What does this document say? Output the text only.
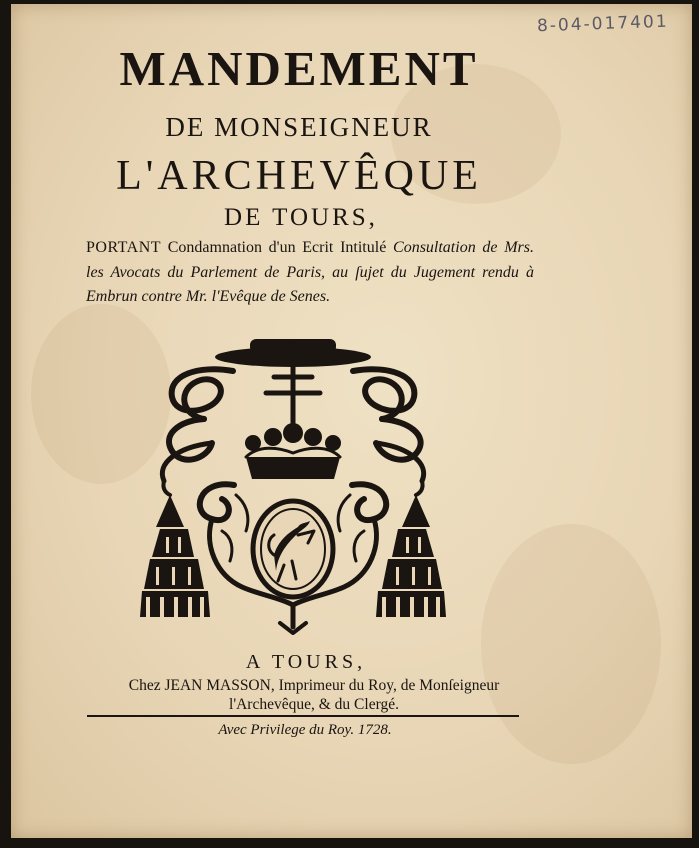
8-04-017401
MANDEMENT
DE MONSEIGNEUR
L'ARCHEVÊQUE
DE TOURS,

PORTANT Condamnation d'un Ecrit Intitulé Consultation de Mrs. les Avocats du Parlement de Paris, au ſujet du Jugement rendu à Embrun contre Mr. l'Evêque de Senes.

A TOURS,
Chez JEAN MASSON, Imprimeur du Roy, de Monſeigneur l'Archevêque, & du Clergé.
Avec Privilege du Roy. 1728.
